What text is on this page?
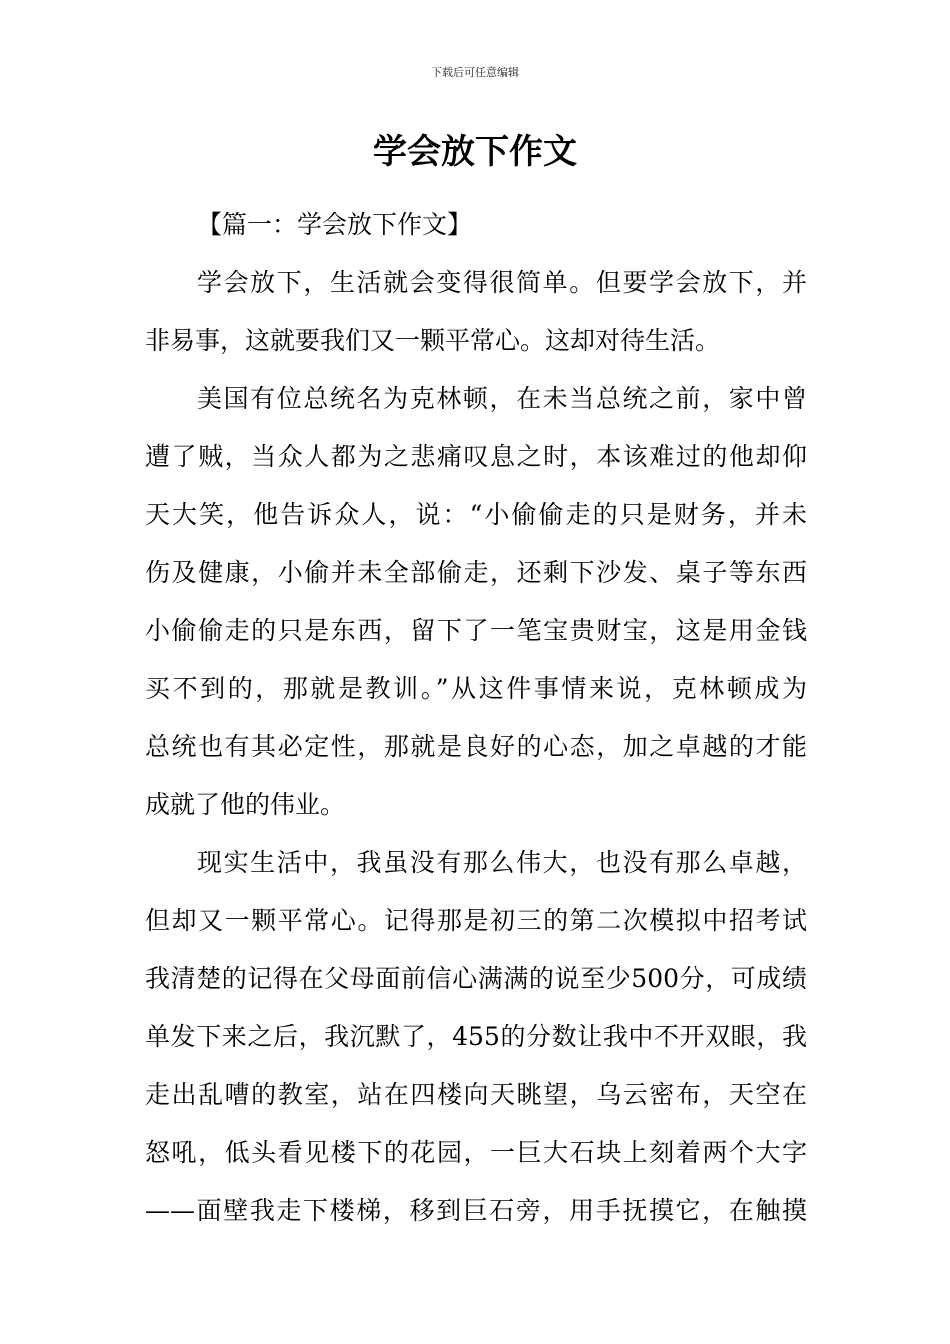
下载后可任意编辑
学会放下作文
【篇一：学会放下作文】
学会放下，生活就会变得很简单。但要学会放下，并
非易事，这就要我们又一颗平常心。这却对待生活。
美国有位总统名为克林顿，在未当总统之前，家中曾
遭了贼，当众人都为之悲痛叹息之时，本该难过的他却仰
天大笑，他告诉众人，说：“小偷偷走的只是财务，并未
伤及健康，小偷并未全部偷走，还剩下沙发、桌子等东西
小偷偷走的只是东西，留下了一笔宝贵财宝，这是用金钱
买不到的，那就是教训。”从这件事情来说，克林顿成为
总统也有其必定性，那就是良好的心态，加之卓越的才能
成就了他的伟业。
现实生活中，我虽没有那么伟大，也没有那么卓越，
但却又一颗平常心。记得那是初三的第二次模拟中招考试
我清楚的记得在父母面前信心满满的说至少500分，可成绩
单发下来之后，我沉默了，455的分数让我中不开双眼，我
走出乱嘈的教室，站在四楼向天眺望，乌云密布，天空在
怒吼，低头看见楼下的花园，一巨大石块上刻着两个大字
——面壁我走下楼梯，移到巨石旁，用手抚摸它，在触摸
